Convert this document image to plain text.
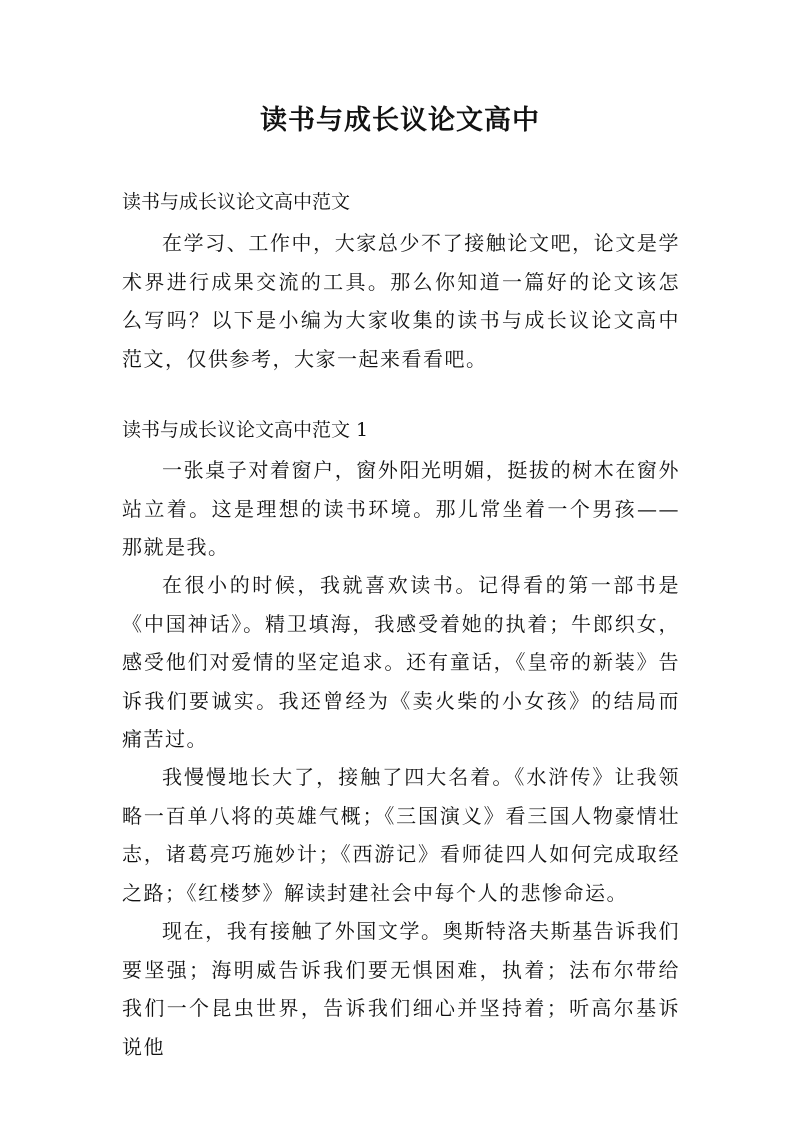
读书与成长议论文高中
读书与成长议论文高中范文

在学习、工作中，大家总少不了接触论文吧，论文是学术界进行成果交流的工具。那么你知道一篇好的论文该怎么写吗？以下是小编为大家收集的读书与成长议论文高中范文，仅供参考，大家一起来看看吧。

读书与成长议论文高中范文 1

一张桌子对着窗户，窗外阳光明媚，挺拔的树木在窗外站立着。这是理想的读书环境。那儿常坐着一个男孩——那就是我。

在很小的时候，我就喜欢读书。记得看的第一部书是《中国神话》。精卫填海，我感受着她的执着；牛郎织女，感受他们对爱情的坚定追求。还有童话，《皇帝的新装》告诉我们要诚实。我还曾经为《卖火柴的小女孩》的结局而痛苦过。

我慢慢地长大了，接触了四大名着。《水浒传》让我领略一百单八将的英雄气概；《三国演义》看三国人物豪情壮志，诸葛亮巧施妙计；《西游记》看师徒四人如何完成取经之路；《红楼梦》解读封建社会中每个人的悲惨命运。

现在，我有接触了外国文学。奥斯特洛夫斯基告诉我们要坚强；海明威告诉我们要无惧困难，执着；法布尔带给我们一个昆虫世界，告诉我们细心并坚持着；听高尔基诉说他
